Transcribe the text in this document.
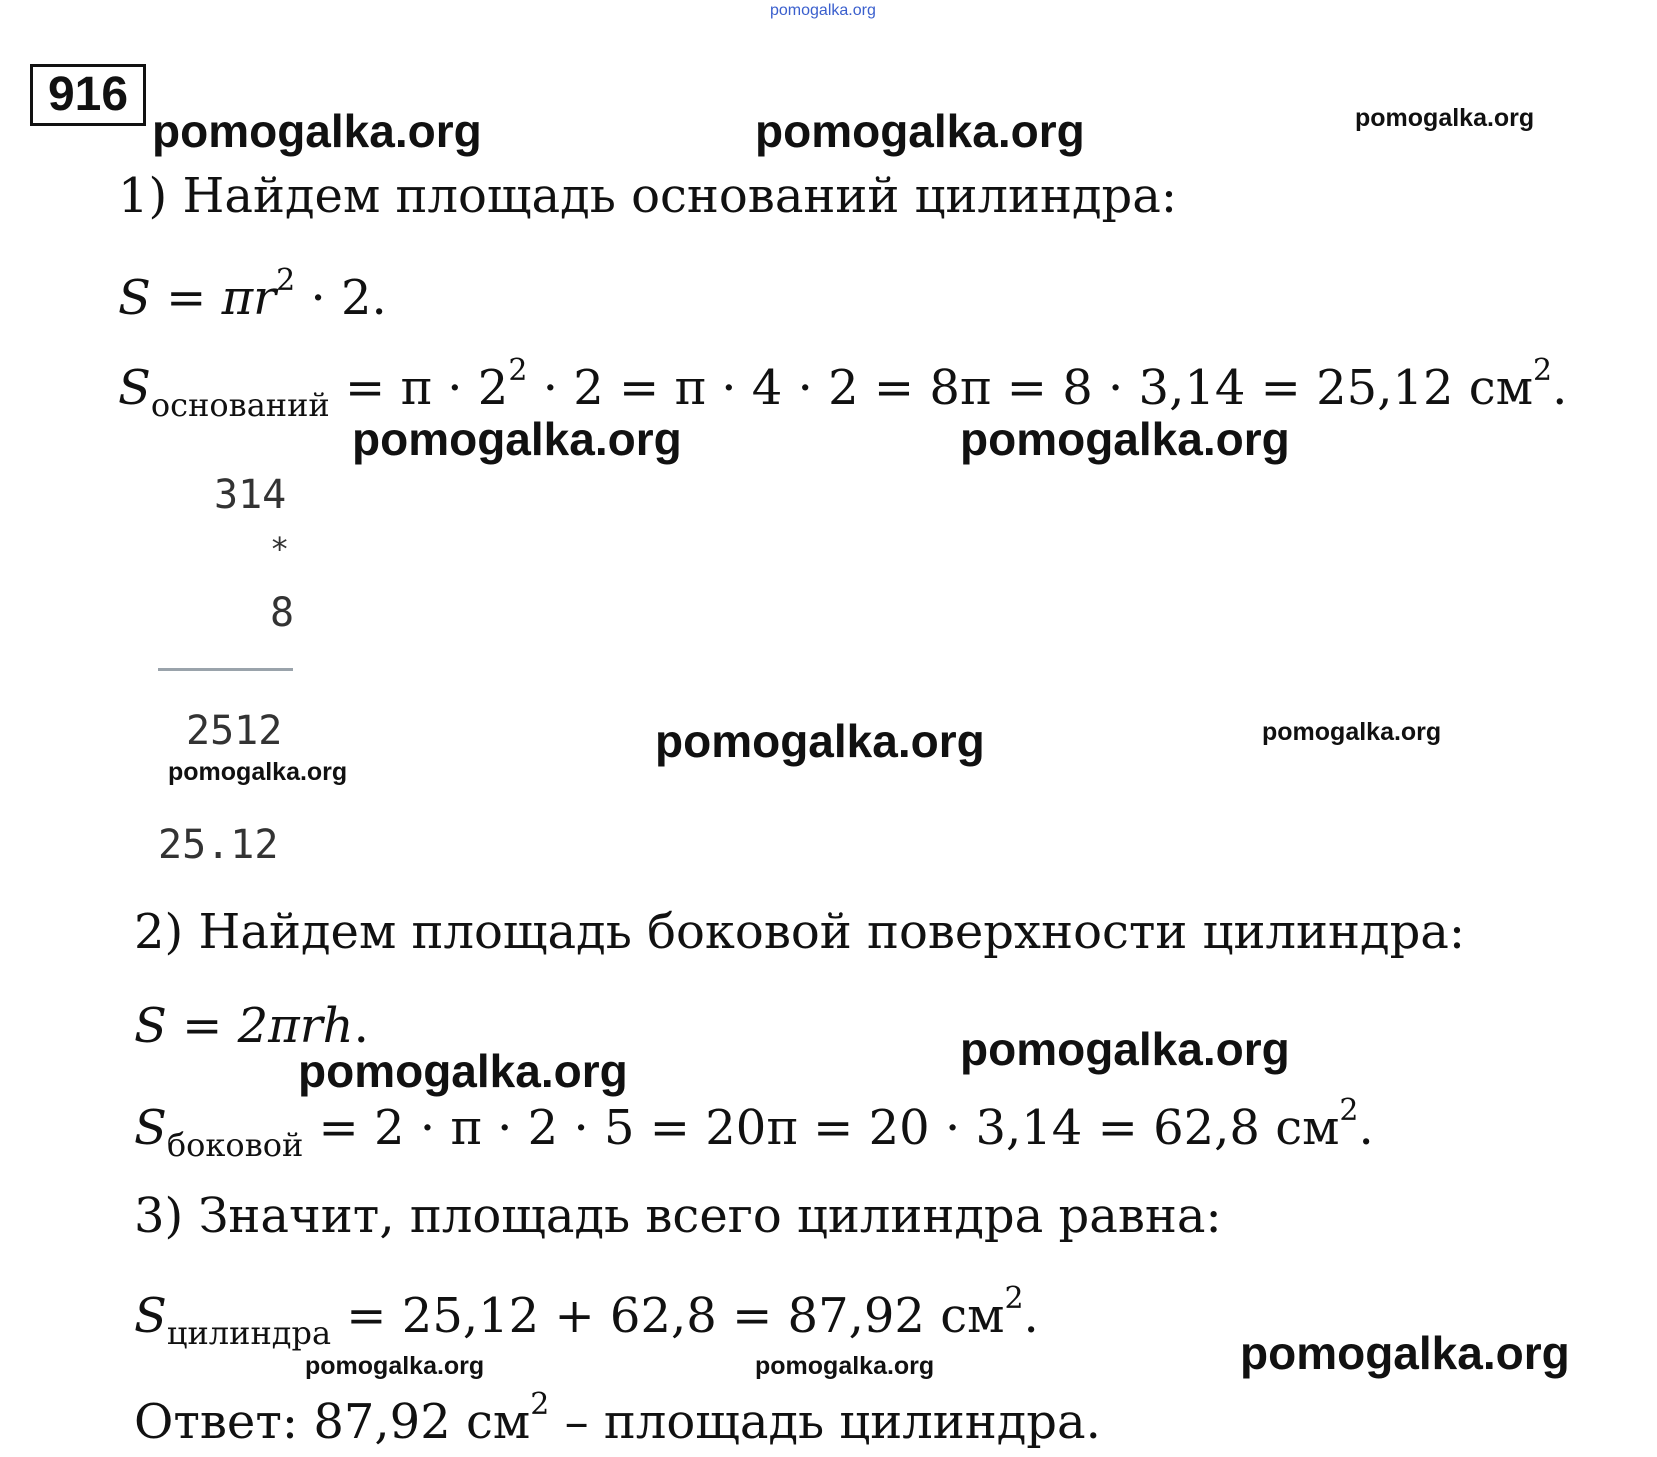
pomogalka.org
916
pomogalka.org	pomogalka.org	pomogalka.org
1) Найдем площадь оснований цилиндра:
$S = \pi r^2 \cdot 2$.
$S_{оснований} = \pi \cdot 2^2 \cdot 2 = \pi \cdot 4 \cdot 2 = 8\pi = 8 \cdot 3,14 = 25,12$ $см^2$.
pomogalka.org	pomogalka.org
314
*
8
2512
pomogalka.org
25.12
pomogalka.org	pomogalka.org
2) Найдем площадь боковой поверхности цилиндра:
S = 2πrh.
pomogalka.org	pomogalka.org
$S_{боковой} = 2 \cdot \pi \cdot 2 \cdot 5 = 20\pi = 20 \cdot 3,14 = 62,8$ $см^2$.
3) Значит, площадь всего цилиндра равна:
$S_{цилиндра} = 25,12 + 62,8 = 87,92$ $см^2$.
pomogalka.org	pomogalka.org	pomogalka.org
Ответ: 87,92 $см^2$ – площадь цилиндра.
